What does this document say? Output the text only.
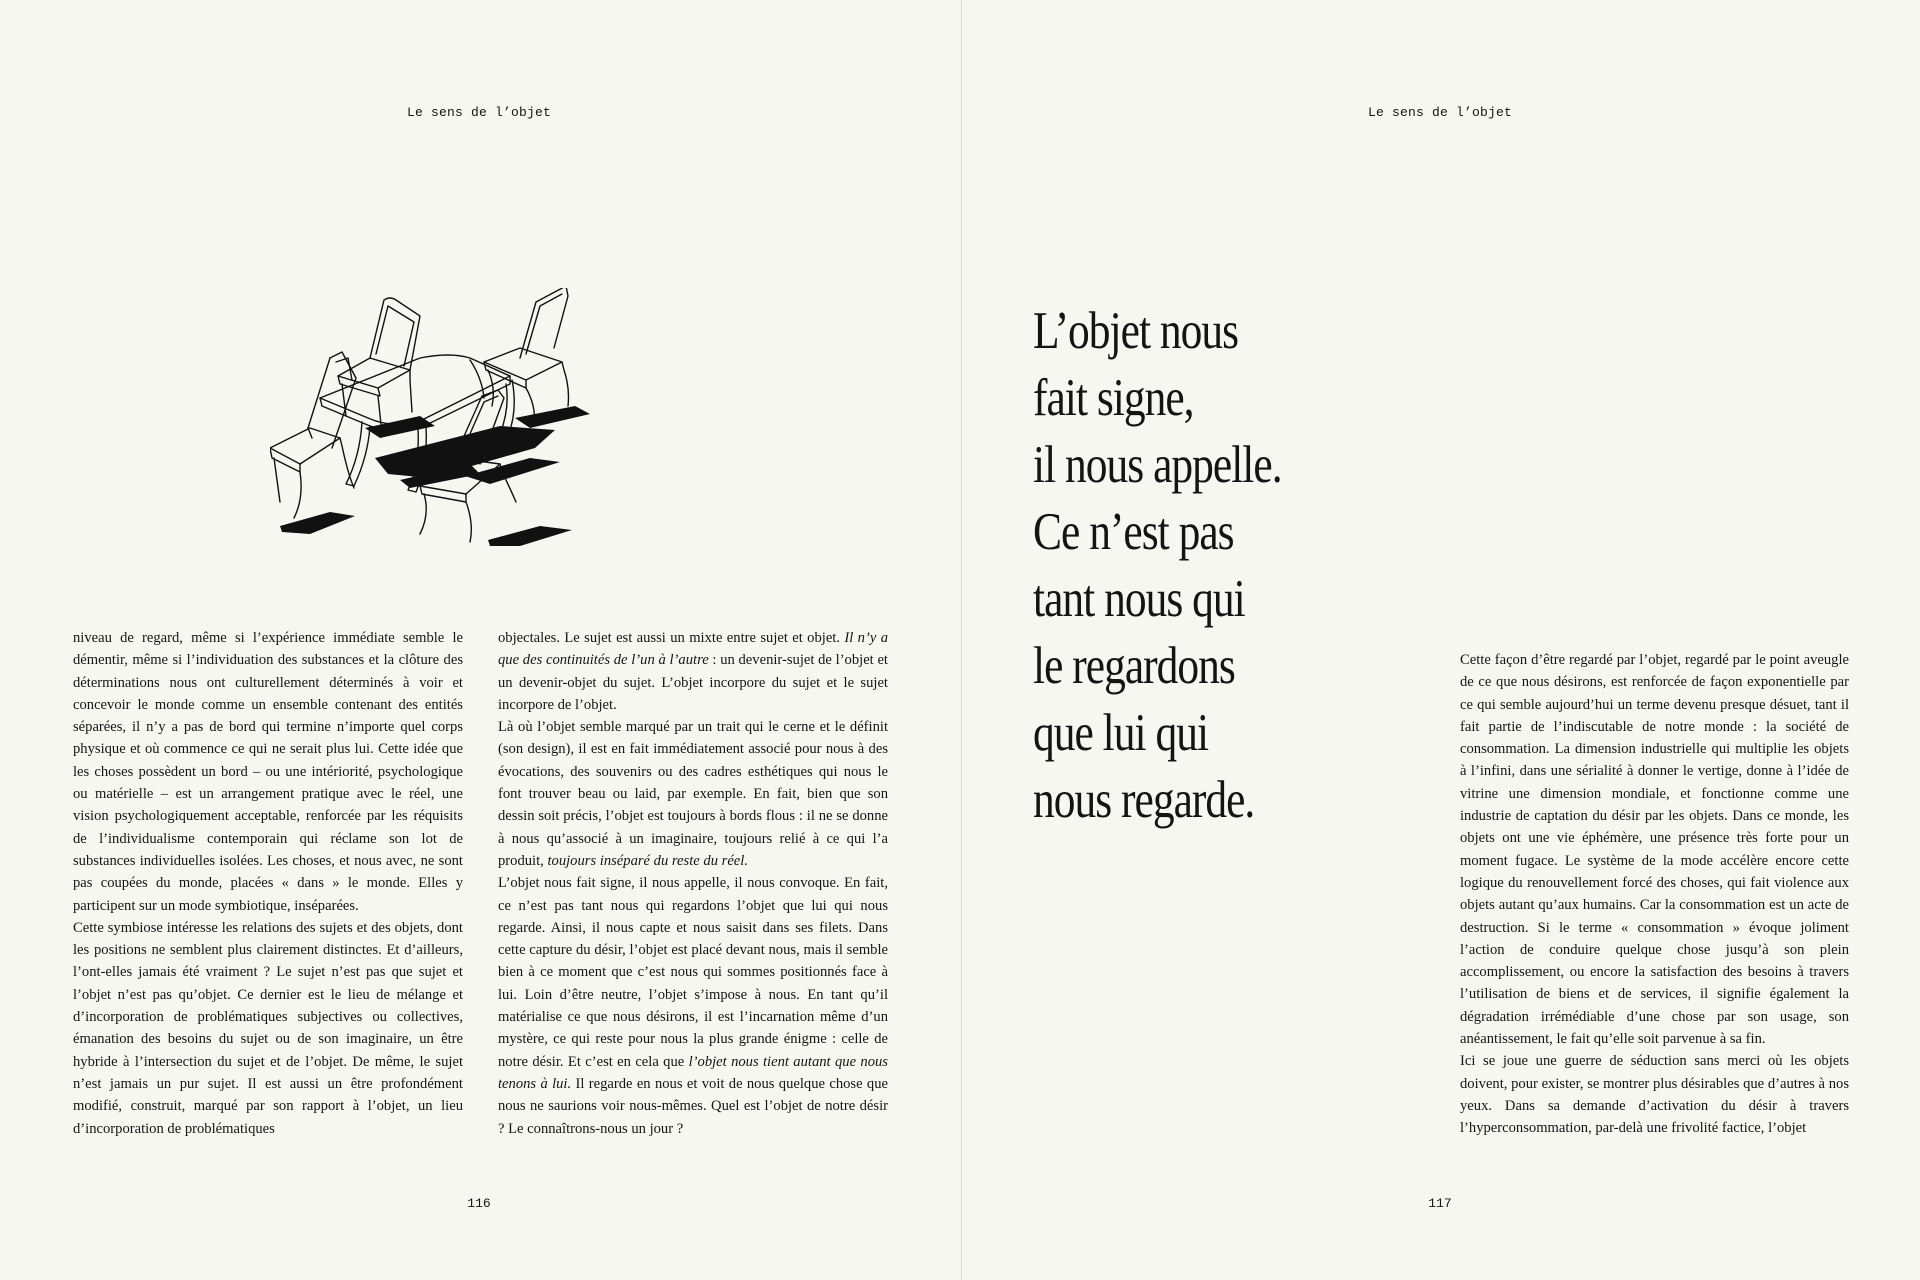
Le sens de l’objet

niveau de regard, même si l’expérience immédiate semble le démentir, même si l’individuation des substances et la clôture des déterminations nous ont culturellement déterminés à voir et concevoir le monde comme un ensemble contenant des entités séparées, il n’y a pas de bord qui termine n’importe quel corps physique et où commence ce qui ne serait plus lui. Cette idée que les choses possèdent un bord – ou une intériorité, psychologique ou matérielle – est un arrangement pratique avec le réel, une vision psychologiquement acceptable, renforcée par les réquisits de l’individualisme contemporain qui réclame son lot de substances individuelles isolées. Les choses, et nous avec, ne sont pas coupées du monde, placées « dans » le monde. Elles y participent sur un mode symbiotique, inséparées.

Cette symbiose intéresse les relations des sujets et des objets, dont les positions ne semblent plus clairement distinctes. Et d’ailleurs, l’ont-elles jamais été vraiment ? Le sujet n’est pas que sujet et l’objet n’est pas qu’objet. Ce dernier est le lieu de mélange et d’incorporation de problématiques subjectives ou collectives, émanation des besoins du sujet ou de son imaginaire, un être hybride à l’intersection du sujet et de l’objet. De même, le sujet n’est jamais un pur sujet. Il est aussi un être profondément modifié, construit, marqué par son rapport à l’objet, un lieu d’incorporation de problématiques

objectales. Le sujet est aussi un mixte entre sujet et objet. Il n’y a que des continuités de l’un à l’autre : un devenir-sujet de l’objet et un devenir-objet du sujet. L’objet incorpore du sujet et le sujet incorpore de l’objet.

Là où l’objet semble marqué par un trait qui le cerne et le définit (son design), il est en fait immédiatement associé pour nous à des évocations, des souvenirs ou des cadres esthétiques qui nous le font trouver beau ou laid, par exemple. En fait, bien que son dessin soit précis, l’objet est toujours à bords flous : il ne se donne à nous qu’associé à un imaginaire, toujours relié à ce qui l’a produit, toujours inséparé du reste du réel.

L’objet nous fait signe, il nous appelle, il nous convoque. En fait, ce n’est pas tant nous qui regardons l’objet que lui qui nous regarde. Ainsi, il nous capte et nous saisit dans ses filets. Dans cette capture du désir, l’objet est placé devant nous, mais il semble bien à ce moment que c’est nous qui sommes positionnés face à lui. Loin d’être neutre, l’objet s’impose à nous. En tant qu’il matérialise ce que nous désirons, il est l’incarnation même d’un mystère, ce qui reste pour nous la plus grande énigme : celle de notre désir. Et c’est en cela que l’objet nous tient autant que nous tenons à lui. Il regarde en nous et voit de nous quelque chose que nous ne saurions voir nous-mêmes. Quel est l’objet de notre désir ? Le connaîtrons-nous un jour ?

116
Le sens de l’objet
117
L’objet nous
fait signe,
il nous appelle.
Ce n’est pas
tant nous qui
le regardons
que lui qui
nous regarde.

Cette façon d’être regardé par l’objet, regardé par le point aveugle de ce que nous désirons, est renforcée de façon exponentielle par ce qui semble aujourd’hui un terme devenu presque désuet, tant il fait partie de l’indiscutable de notre monde : la société de consommation. La dimension industrielle qui multiplie les objets à l’infini, dans une sérialité à donner le vertige, donne à l’idée de vitrine une dimension mondiale, et fonctionne comme une industrie de captation du désir par les objets. Dans ce monde, les objets ont une vie éphémère, une présence très forte pour un moment fugace. Le système de la mode accélère encore cette logique du renouvellement forcé des choses, qui fait violence aux objets autant qu’aux humains. Car la consommation est un acte de destruction. Si le terme « consommation » évoque joliment l’action de conduire quelque chose jusqu’à son plein accomplissement, ou encore la satisfaction des besoins à travers l’utilisation de biens et de services, il signifie également la dégradation irrémédiable d’une chose par son usage, son anéantissement, le fait qu’elle soit parvenue à sa fin.

Ici se joue une guerre de séduction sans merci où les objets doivent, pour exister, se montrer plus désirables que d’autres à nos yeux. Dans sa demande d’activation du désir à travers l’hyperconsommation, par-delà une frivolité factice, l’objet
